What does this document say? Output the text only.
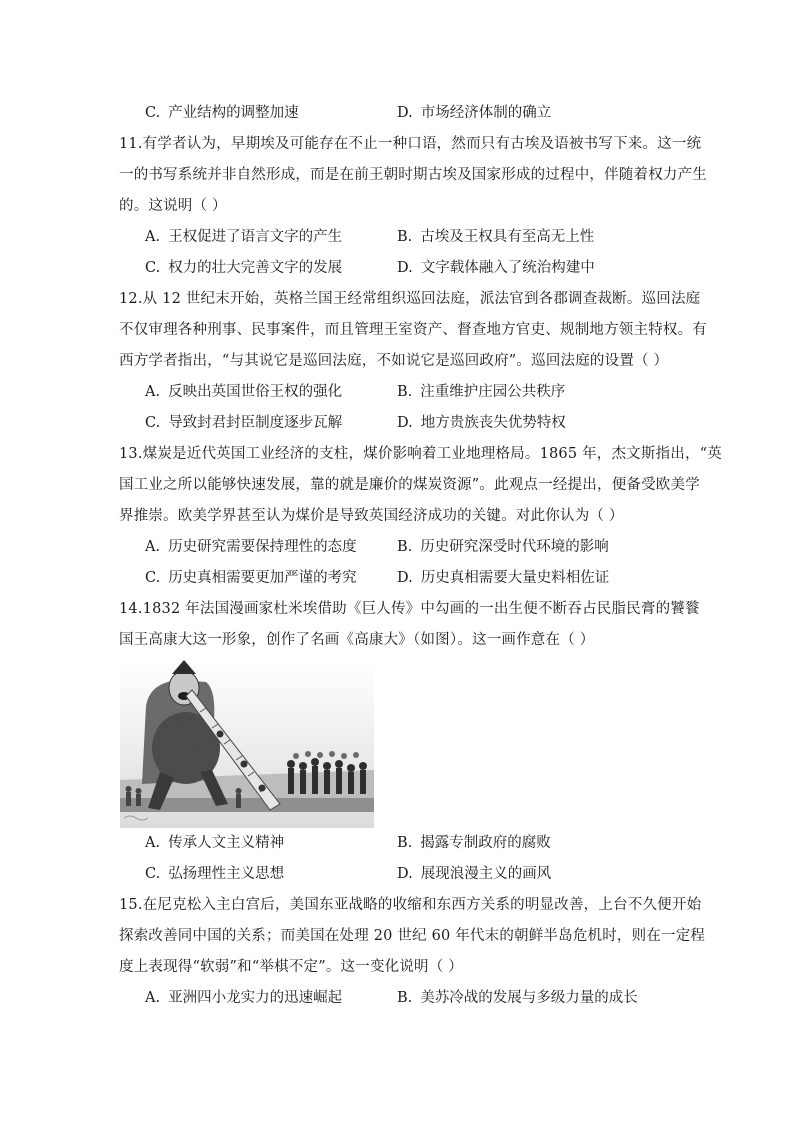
C. 产业结构的调整加速	D. 市场经济体制的确立
11.有学者认为，早期埃及可能存在不止一种口语，然而只有古埃及语被书写下来。这一统
一的书写系统并非自然形成，而是在前王朝时期古埃及国家形成的过程中，伴随着权力产生
的。这说明（ ）
A. 王权促进了语言文字的产生	B. 古埃及王权具有至高无上性
C. 权力的壮大完善文字的发展	D. 文字载体融入了统治构建中
12.从 12 世纪末开始，英格兰国王经常组织巡回法庭，派法官到各郡调查裁断。巡回法庭
不仅审理各种刑事、民事案件，而且管理王室资产、督查地方官吏、规制地方领主特权。有
西方学者指出，“与其说它是巡回法庭，不如说它是巡回政府”。巡回法庭的设置（ ）
A. 反映出英国世俗王权的强化	B. 注重维护庄园公共秩序
C. 导致封君封臣制度逐步瓦解	D. 地方贵族丧失优势特权
13.煤炭是近代英国工业经济的支柱，煤价影响着工业地理格局。1865 年，杰文斯指出，“英
国工业之所以能够快速发展，靠的就是廉价的煤炭资源”。此观点一经提出，便备受欧美学
界推崇。欧美学界甚至认为煤价是导致英国经济成功的关键。对此你认为（ ）
A. 历史研究需要保持理性的态度	B. 历史研究深受时代环境的影响
C. 历史真相需要更加严谨的考究	D. 历史真相需要大量史料相佐证
14.1832 年法国漫画家杜米埃借助《巨人传》中勾画的一出生便不断吞占民脂民膏的饕餮
国王高康大这一形象，创作了名画《高康大》（如图）。这一画作意在（ ）
A. 传承人文主义精神	B. 揭露专制政府的腐败
C. 弘扬理性主义思想	D. 展现浪漫主义的画风
15.在尼克松入主白宫后，美国东亚战略的收缩和东西方关系的明显改善，上台不久便开始
探索改善同中国的关系；而美国在处理 20 世纪 60 年代末的朝鲜半岛危机时，则在一定程
度上表现得“软弱”和“举棋不定”。这一变化说明（ ）
A. 亚洲四小龙实力的迅速崛起	B. 美苏冷战的发展与多级力量的成长
